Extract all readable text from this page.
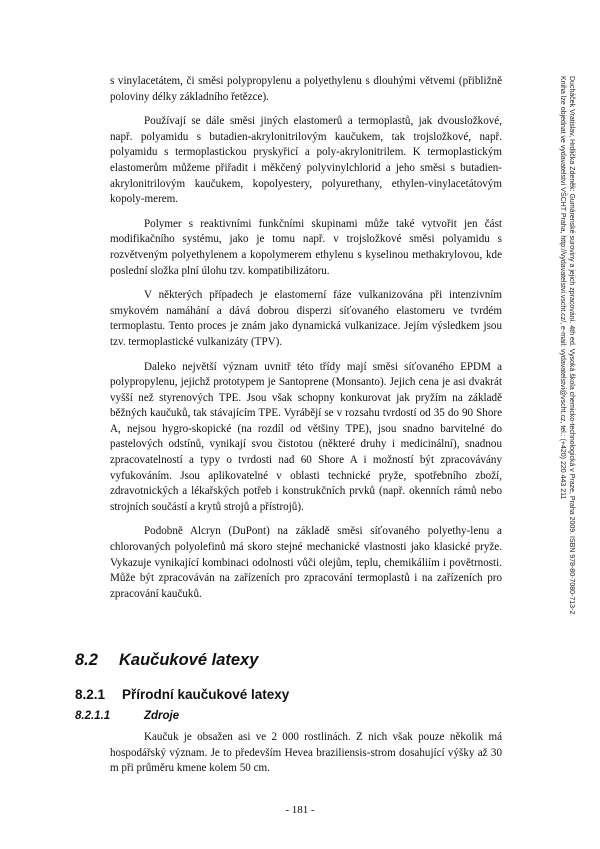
s vinylacetátem, či směsi polypropylenu a polyethylenu s dlouhými větvemi (přibližně poloviny délky základního řetězce).

Používají se dále směsi jiných elastomerů a termoplastů, jak dvousložkové, např. polyamidu s butadien-akrylonitrilovým kaučukem, tak trojsložkové, např. polyamidu s termoplastickou pryskyřicí a poly-akrylonitrilem. K termoplastickým elastomerům můžeme přiřadit i měkčený polyvinylchlorid a jeho směsi s butadien-akrylonitrilovým kaučukem, kopolyestery, polyurethany, ethylen-vinylacetátovým kopoly-merem.

Polymer s reaktivními funkčními skupinami může také vytvořit jen část modifikačního systému, jako je tomu např. v trojsložkové směsi polyamidu s rozvětveným polyethylenem a kopolymerem ethylenu s kyselinou methakrylovou, kde poslední složka plní úlohu tzv. kompatibilizátoru.

V některých případech je elastomerní fáze vulkanizována při intenzivním smykovém namáhání a dává dobrou disperzi síťovaného elastomeru ve tvrdém termoplastu. Tento proces je znám jako dynamická vulkanizace. Jejím výsledkem jsou tzv. termoplastické vulkanizáty (TPV).

Daleko největší význam uvnitř této třídy mají směsi síťovaného EPDM a polypropylenu, jejichž prototypem je Santoprene (Monsanto). Jejich cena je asi dvakrát vyšší než styrenových TPE. Jsou však schopny konkurovat jak pryžím na základě běžných kaučuků, tak stávajícím TPE. Vyrábějí se v rozsahu tvrdostí od 35 do 90 Shore A, nejsou hygro-skopické (na rozdíl od většiny TPE), jsou snadno barvitelné do pastelových odstínů, vynikají svou čistotou (některé druhy i medicinální), snadnou zpracovatelností a typy o tvrdosti nad 60 Shore A i možností být zpracovávány vyfukováním. Jsou aplikovatelné v oblasti technické pryže, spotřebního zboží, zdravotnických a lékařských potřeb i konstrukčních prvků (např. okenních rámů nebo strojních součástí a krytů strojů a přístrojů).

Podobně Alcryn (DuPont) na základě směsi síťovaného polyethy-lenu a chlorovaných polyolefinů má skoro stejné mechanické vlastnosti jako klasické pryže. Vykazuje vynikající kombinaci odolnosti vůči olejům, teplu, chemikáliím i povětrnosti. Může být zpracováván na zařízeních pro zpracování termoplastů i na zařízeních pro zpracování kaučuků.

8.2 Kaučukové latexy
8.2.1 Přírodní kaučukové latexy
8.2.1.1	Zdroje

Kaučuk je obsažen asi ve 2 000 rostlinách. Z nich však pouze několik má hospodářský význam. Je to především Hevea braziliensis-strom dosahující výšky až 30 m při průměru kmene kolem 50 cm.

- 181 -
Ducháček Vratislav, Hrdlička Zdeněk: Gumárenské suroviny a jejich zpracování. 4th ed. Vysoká škola chemicko-technologická v Praze, Praha 2009. ISBN 978-80-7080-713-2
Kniha lze objednat ve vydavatelství VŠCHT Praha, http://vydavatelstvi.vscht.cz/, e-mail: vydavatelstvi@vscht.cz, tel.: (+420) 220 443 211
